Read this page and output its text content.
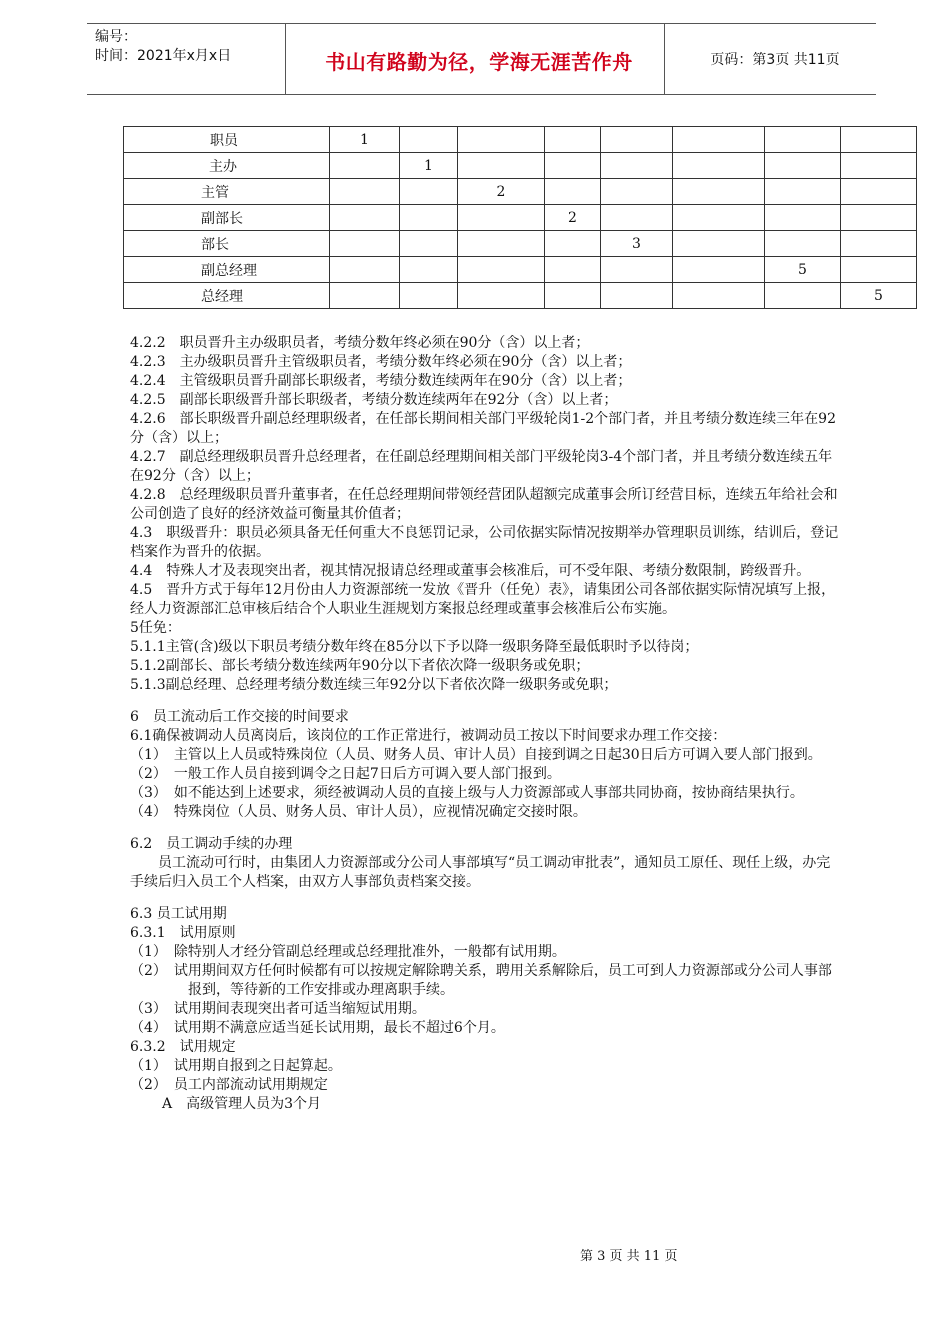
编号：
时间：2021年x月x日	书山有路勤为径，学海无涯苦作舟	页码：第3页 共11页
职员	1							
主办		1						
主管			2					
副部长				2				
部长					3			
副总经理							5	
总经理								5

4.2.2　职员晋升主办级职员者，考绩分数年终必须在90分（含）以上者；

4.2.3　主办级职员晋升主管级职员者，考绩分数年终必须在90分（含）以上者；

4.2.4　主管级职员晋升副部长职级者，考绩分数连续两年在90分（含）以上者；

4.2.5　副部长职级晋升部长职级者，考绩分数连续两年在92分（含）以上者；

4.2.6　部长职级晋升副总经理职级者，在任部长期间相关部门平级轮岗1-2个部门者，并且考绩分数连续三年在92分（含）以上；

4.2.7　副总经理级职员晋升总经理者，在任副总经理期间相关部门平级轮岗3-4个部门者，并且考绩分数连续五年在92分（含）以上；

4.2.8　总经理级职员晋升董事者，在任总经理期间带领经营团队超额完成董事会所订经营目标，连续五年给社会和公司创造了良好的经济效益可衡量其价值者；

4.3　职级晋升：职员必须具备无任何重大不良惩罚记录，公司依据实际情况按期举办管理职员训练，结训后，登记档案作为晋升的依据。

4.4　特殊人才及表现突出者，视其情况报请总经理或董事会核准后，可不受年限、考绩分数限制，跨级晋升。

4.5　晋升方式于每年12月份由人力资源部统一发放《晋升（任免）表》，请集团公司各部依据实际情况填写上报，经人力资源部汇总审核后结合个人职业生涯规划方案报总经理或董事会核准后公布实施。

5任免：

5.1.1主管(含)级以下职员考绩分数年终在85分以下予以降一级职务降至最低职时予以待岗；

5.1.2副部长、部长考绩分数连续两年90分以下者依次降一级职务或免职；

5.1.3副总经理、总经理考绩分数连续三年92分以下者依次降一级职务或免职；

6　员工流动后工作交接的时间要求

6.1确保被调动人员离岗后，该岗位的工作正常进行，被调动员工按以下时间要求办理工作交接：

（1）　主管以上人员或特殊岗位（人员、财务人员、审计人员）自接到调之日起30日后方可调入要人部门报到。

（2）　一般工作人员自接到调令之日起7日后方可调入要人部门报到。

（3）　如不能达到上述要求，须经被调动人员的直接上级与人力资源部或人事部共同协商，按协商结果执行。

（4）　特殊岗位（人员、财务人员、审计人员），应视情况确定交接时限。

6.2　员工调动手续的办理

员工流动可行时，由集团人力资源部或分公司人事部填写“员工调动审批表”，通知员工原任、现任上级，办完手续后归入员工个人档案，由双方人事部负责档案交接。

6.3 员工试用期

6.3.1　试用原则

（1）　除特别人才经分管副总经理或总经理批准外，一般都有试用期。

（2）　试用期间双方任何时候都有可以按规定解除聘关系，聘用关系解除后，员工可到人力资源部或分公司人事部报到，等待新的工作安排或办理离职手续。

（3）　试用期间表现突出者可适当缩短试用期。

（4）　试用期不满意应适当延长试用期，最长不超过6个月。

6.3.2　试用规定

（1）　试用期自报到之日起算起。

（2）　员工内部流动试用期规定

A　高级管理人员为3个月

第 3 页 共 11 页
